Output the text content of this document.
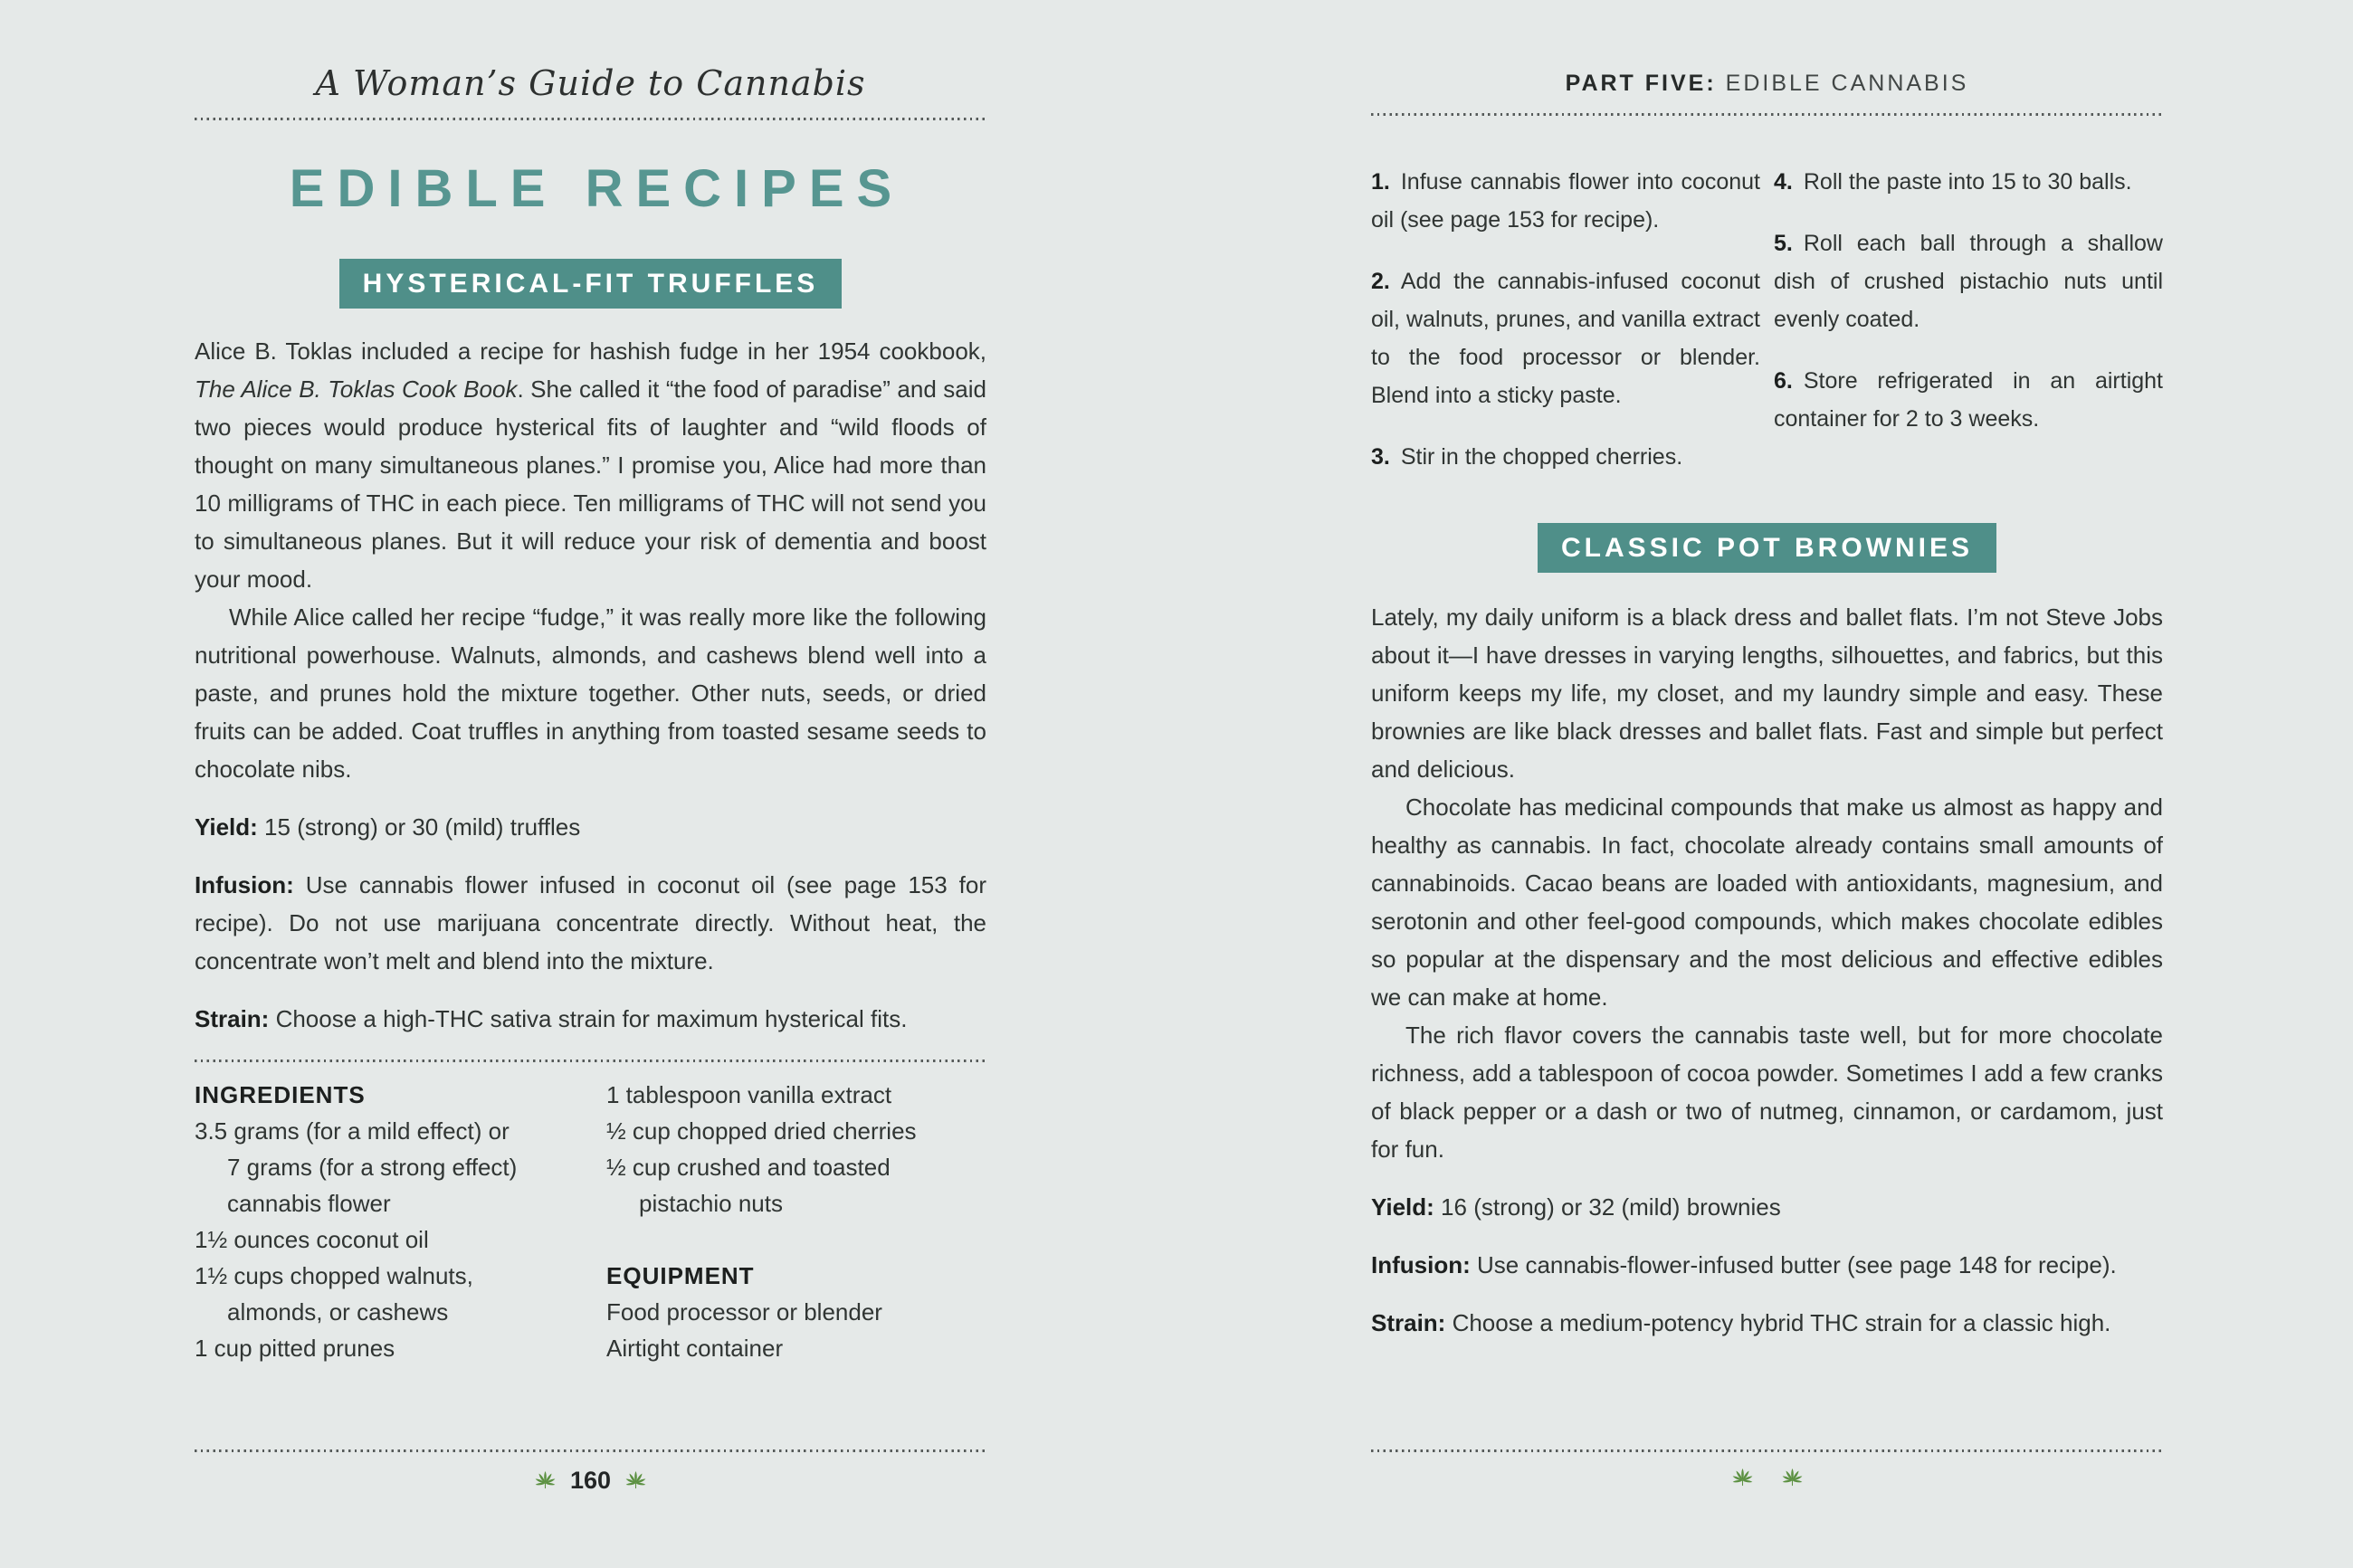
A Woman’s Guide to Cannabis
EDIBLE RECIPES
HYSTERICAL-FIT TRUFFLES

Alice B. Toklas included a recipe for hashish fudge in her 1954 cookbook, The Alice B. Toklas Cook Book. She called it “the food of paradise” and said two pieces would produce hysterical fits of laughter and “wild floods of thought on many simultaneous planes.” I promise you, Alice had more than 10 milligrams of THC in each piece. Ten milligrams of THC will not send you to simultaneous planes. But it will reduce your risk of dementia and boost your mood.

While Alice called her recipe “fudge,” it was really more like the following nutritional powerhouse. Walnuts, almonds, and cashews blend well into a paste, and prunes hold the mixture together. Other nuts, seeds, or dried fruits can be added. Coat truffles in anything from toasted sesame seeds to chocolate nibs.

Yield: 15 (strong) or 30 (mild) truffles
Infusion: Use cannabis flower infused in coconut oil (see page 153 for recipe). Do not use marijuana concentrate directly. Without heat, the concentrate won’t melt and blend into the mixture.
Strain: Choose a high-THC sativa strain for maximum hysterical fits.
INGREDIENTS
3.5 grams (for a mild effect) or
7 grams (for a strong effect)
cannabis flower
1½ ounces coconut oil
1½ cups chopped walnuts,
almonds, or cashews
1 cup pitted prunes
1 tablespoon vanilla extract
½ cup chopped dried cherries
½ cup crushed and toasted
pistachio nuts
EQUIPMENT
Food processor or blender
Airtight container
160
PART FIVE: EDIBLE CANNABIS
1. Infuse cannabis flower into coconut oil (see page 153 for recipe).
2. Add the cannabis-infused coconut oil, walnuts, prunes, and vanilla extract to the food processor or blender. Blend into a sticky paste.
3. Stir in the chopped cherries.
4. Roll the paste into 15 to 30 balls.
5. Roll each ball through a shallow dish of crushed pistachio nuts until evenly coated.
6. Store refrigerated in an airtight container for 2 to 3 weeks.
CLASSIC POT BROWNIES

Lately, my daily uniform is a black dress and ballet flats. I’m not Steve Jobs about it—I have dresses in varying lengths, silhouettes, and fabrics, but this uniform keeps my life, my closet, and my laundry simple and easy. These brownies are like black dresses and ballet flats. Fast and simple but perfect and delicious.

Chocolate has medicinal compounds that make us almost as happy and healthy as cannabis. In fact, chocolate already contains small amounts of cannabinoids. Cacao beans are loaded with antioxidants, magnesium, and serotonin and other feel-good compounds, which makes chocolate edibles so popular at the dispensary and the most delicious and effective edibles we can make at home.

The rich flavor covers the cannabis taste well, but for more chocolate richness, add a tablespoon of cocoa powder. Sometimes I add a few cranks of black pepper or a dash or two of nutmeg, cinnamon, or cardamom, just for fun.

Yield: 16 (strong) or 32 (mild) brownies
Infusion: Use cannabis-flower-infused butter (see page 148 for recipe).
Strain: Choose a medium-potency hybrid THC strain for a classic high.
